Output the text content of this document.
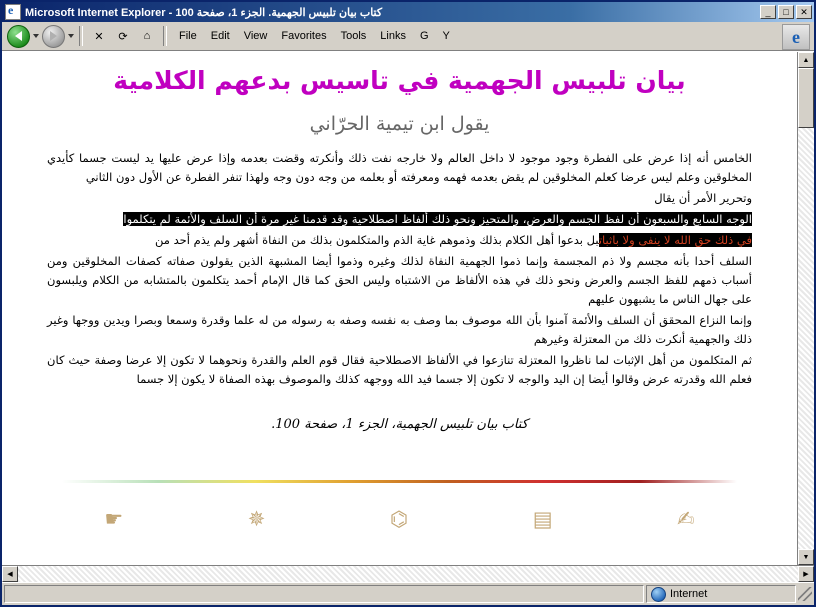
e
كتاب بيان تلبيس الجهمية. الجزء 1، صفحة 100 - Microsoft Internet Explorer	_	□	✕
✕	⟳	⌂	File	Edit	View	Favorites	Tools	Links	G	Y
e
بيان تلبيس الجهمية في تاسيس بدعهم الكلامية
يقول ابن تيمية الحرّاني

الخامس أنه إذا عرض على الفطرة وجود موجود لا داخل العالم ولا خارجه نفت ذلك وأنكرته وقضت بعدمه وإذا عرض عليها يد ليست جسما كأيدي المخلوقين وعلم ليس عرضا كعلم المخلوقين لم يقض بعدمه فهمه ومعرفته أو بعلمه من وجه دون وجه ولهذا تنفر الفطرة عن الأول دون الثاني

وتحرير الأمر أن يقال

الوجه السابع والسبعون أن لفظ الجسم والعرض، والمتحيز ونحو ذلك ألفاظ اصطلاحية وقد قدمنا غير مرة أن السلف والأئمة لم يتكلموا

في ذلك حق الله لا ينفى ولا باثباتبل بدعوا أهل الكلام بذلك وذموهم غاية الذم والمتكلمون بذلك من النفاة أشهر ولم يذم أحد من

السلف أحدا بأنه مجسم ولا ذم المجسمة وإنما ذموا الجهمية النفاة لذلك وغيره وذموا أيضا المشبهة الذين يقولون صفاته كصفات المخلوقين ومن أسباب ذمهم للفظ الجسم والعرض ونحو ذلك في هذه الألفاظ من الاشتباه وليس الحق كما قال الإمام أحمد يتكلمون بالمتشابه من الكلام ويلبسون على جهال الناس ما يشبهون عليهم

وإنما النزاع المحقق أن السلف والأئمة آمنوا بأن الله موصوف بما وصف به نفسه وصفه به رسوله من له علما وقدرة وسمعا وبصرا ويدين ووجها وغير ذلك والجهمية أنكرت ذلك من المعتزلة وغيرهم

ثم المتكلمون من أهل الإثبات لما ناظروا المعتزلة تنازعوا في الألفاظ الاصطلاحية فقال قوم العلم والقدرة ونحوهما لا تكون إلا عرضا وصفة حيث كان فعلم الله وقدرته عرض وقالوا أيضا إن اليد والوجه لا تكون إلا جسما فيد الله ووجهه كذلك والموصوف بهذه الصفاة لا يكون إلا جسما

كتاب بيان تلبيس الجهمية، الجزء 1، صفحة 100.
✍
▤
⌬
✵
☛
▲
▼
◀	▶
Internet
